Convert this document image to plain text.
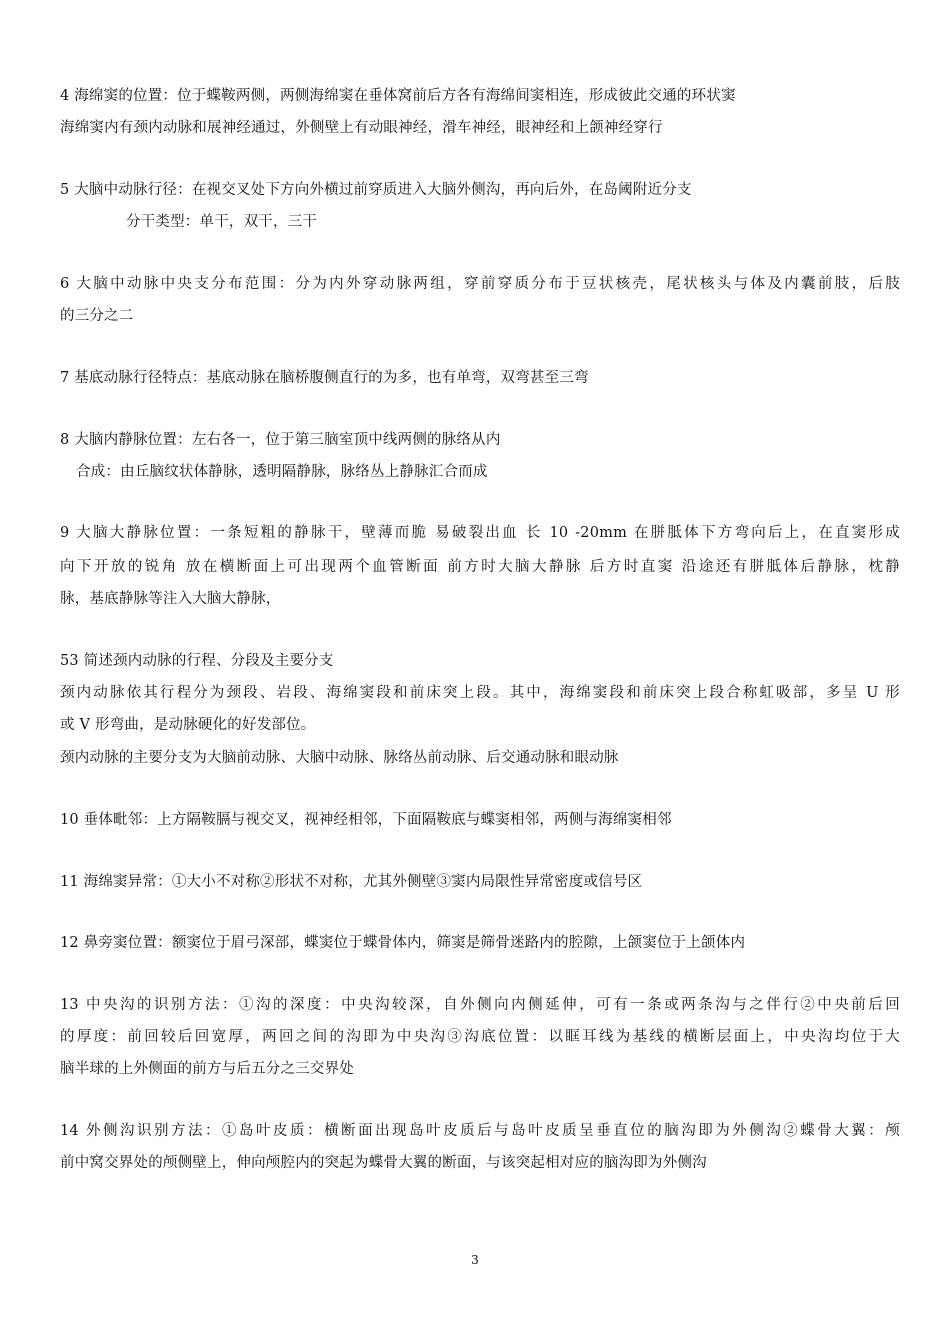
4 海绵窦的位置：位于蝶鞍两侧，两侧海绵窦在垂体窝前后方各有海绵间窦相连，形成彼此交通的环状窦
海绵窦内有颈内动脉和展神经通过，外侧壁上有动眼神经，滑车神经，眼神经和上颌神经穿行
5 大脑中动脉行径：在视交叉处下方向外横过前穿质进入大脑外侧沟，再向后外，在岛阈附近分支
分干类型：单干，双干，三干
6 大脑中动脉中央支分布范围：分为内外穿动脉两组，穿前穿质分布于豆状核壳，尾状核头与体及内囊前肢，后肢
的三分之二
7 基底动脉行径特点：基底动脉在脑桥腹侧直行的为多，也有单弯，双弯甚至三弯
8 大脑内静脉位置：左右各一，位于第三脑室顶中线两侧的脉络从内
合成：由丘脑纹状体静脉，透明隔静脉，脉络丛上静脉汇合而成
9 大脑大静脉位置：一条短粗的静脉干，壁薄而脆 易破裂出血 长 10 -20mm 在胼胝体下方弯向后上，在直窦形成
向下开放的锐角 放在横断面上可出现两个血管断面 前方时大脑大静脉 后方时直窦 沿途还有胼胝体后静脉，枕静
脉，基底静脉等注入大脑大静脉，
53 简述颈内动脉的行程、分段及主要分支
颈内动脉依其行程分为颈段、岩段、海绵窦段和前床突上段。其中，海绵窦段和前床突上段合称虹吸部，多呈 U 形
或 V 形弯曲，是动脉硬化的好发部位。
颈内动脉的主要分支为大脑前动脉、大脑中动脉、脉络丛前动脉、后交通动脉和眼动脉
10 垂体毗邻：上方隔鞍膈与视交叉，视神经相邻，下面隔鞍底与蝶窦相邻，两侧与海绵窦相邻
11 海绵窦异常：①大小不对称②形状不对称，尤其外侧壁③窦内局限性异常密度或信号区
12 鼻旁窦位置：额窦位于眉弓深部，蝶窦位于蝶骨体内，筛窦是筛骨迷路内的腔隙，上颌窦位于上颌体内
13 中央沟的识别方法：①沟的深度：中央沟较深，自外侧向内侧延伸，可有一条或两条沟与之伴行②中央前后回
的厚度：前回较后回宽厚，两回之间的沟即为中央沟③沟底位置：以眶耳线为基线的横断层面上，中央沟均位于大
脑半球的上外侧面的前方与后五分之三交界处
14 外侧沟识别方法：①岛叶皮质：横断面出现岛叶皮质后与岛叶皮质呈垂直位的脑沟即为外侧沟②蝶骨大翼：颅
前中窝交界处的颅侧壁上，伸向颅腔内的突起为蝶骨大翼的断面，与该突起相对应的脑沟即为外侧沟
3
